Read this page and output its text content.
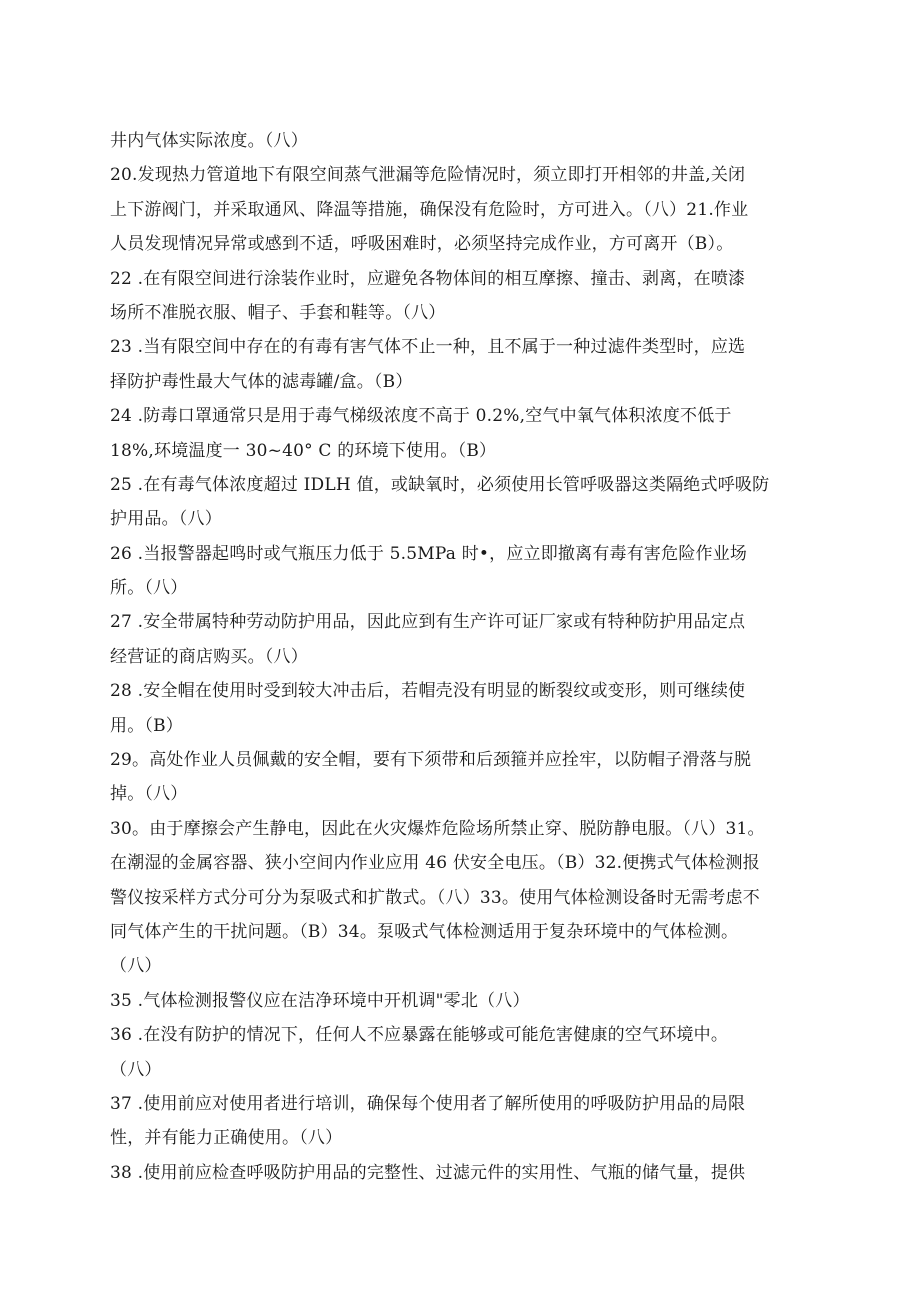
井内气体实际浓度。（八）
20.发现热力管道地下有限空间蒸气泄漏等危险情况时，须立即打开相邻的井盖,关闭
上下游阀门，并采取通风、降温等措施，确保没有危险时，方可进入。（八）21.作业
人员发现情况异常或感到不适，呼吸困难时，必须坚持完成作业，方可离开（B）。
22 .在有限空间进行涂装作业时，应避免各物体间的相互摩擦、撞击、剥离，在喷漆
场所不准脱衣服、帽子、手套和鞋等。（八）
23 .当有限空间中存在的有毒有害气体不止一种，且不属于一种过滤件类型时，应选
择防护毒性最大气体的滤毒罐/盒。（B）
24 .防毒口罩通常只是用于毒气梯级浓度不高于 0.2%,空气中氧气体积浓度不低于
18%,环境温度一 30~40° C 的环境下使用。（B）
25 .在有毒气体浓度超过 IDLH 值，或缺氧时，必须使用长管呼吸器这类隔绝式呼吸防
护用品。（八）
26 .当报警器起鸣时或气瓶压力低于 5.5MPa 时•，应立即撤离有毒有害危险作业场
所。（八）
27 .安全带属特种劳动防护用品，因此应到有生产许可证厂家或有特种防护用品定点
经营证的商店购买。（八）
28 .安全帽在使用时受到较大冲击后，若帽壳没有明显的断裂纹或变形，则可继续使
用。（B）
29。高处作业人员佩戴的安全帽，要有下须带和后颈箍并应拴牢，以防帽子滑落与脱
掉。（八）
30。由于摩擦会产生静电，因此在火灾爆炸危险场所禁止穿、脱防静电服。（八）31。
在潮湿的金属容器、狭小空间内作业应用 46 伏安全电压。（B）32.便携式气体检测报
警仪按采样方式分可分为泵吸式和扩散式。（八）33。使用气体检测设备时无需考虑不
同气体产生的干扰问题。（B）34。泵吸式气体检测适用于复杂环境中的气体检测。
（八）
35 .气体检测报警仪应在洁净环境中开机调"零北（八）
36 .在没有防护的情况下，任何人不应暴露在能够或可能危害健康的空气环境中。
（八）
37 .使用前应对使用者进行培训，确保每个使用者了解所使用的呼吸防护用品的局限
性，并有能力正确使用。（八）
38 .使用前应检查呼吸防护用品的完整性、过滤元件的实用性、气瓶的储气量，提供
